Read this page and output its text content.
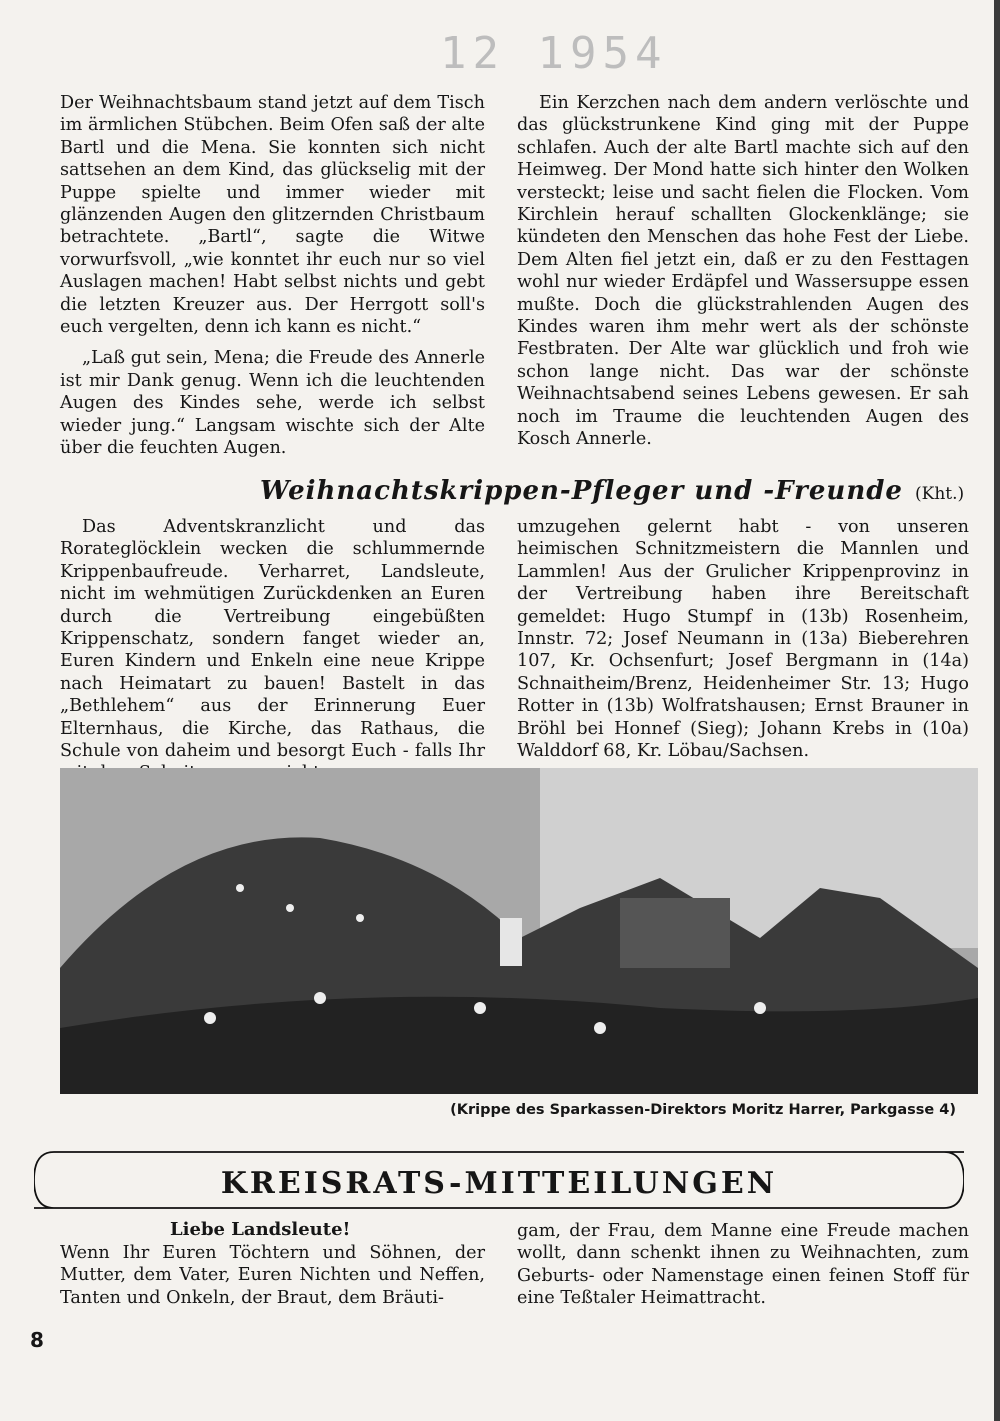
12 1954

Der Weihnachtsbaum stand jetzt auf dem Tisch im ärmlichen Stübchen. Beim Ofen saß der alte Bartl und die Mena. Sie konnten sich nicht sattsehen an dem Kind, das glückselig mit der Puppe spielte und immer wieder mit glänzenden Augen den glitzernden Christbaum betrachtete. „Bartl“, sagte die Witwe vorwurfsvoll, „wie konntet ihr euch nur so viel Auslagen machen! Habt selbst nichts und gebt die letzten Kreuzer aus. Der Herrgott soll's euch vergelten, denn ich kann es nicht.“

„Laß gut sein, Mena; die Freude des Annerle ist mir Dank genug. Wenn ich die leuchtenden Augen des Kindes sehe, werde ich selbst wieder jung.“ Langsam wischte sich der Alte über die feuchten Augen.

Ein Kerzchen nach dem andern verlöschte und das glückstrunkene Kind ging mit der Puppe schlafen. Auch der alte Bartl machte sich auf den Heimweg. Der Mond hatte sich hinter den Wolken versteckt; leise und sacht fielen die Flocken. Vom Kirchlein herauf schallten Glockenklänge; sie kündeten den Menschen das hohe Fest der Liebe. Dem Alten fiel jetzt ein, daß er zu den Festtagen wohl nur wieder Erdäpfel und Wassersuppe essen mußte. Doch die glückstrahlenden Augen des Kindes waren ihm mehr wert als der schönste Festbraten. Der Alte war glücklich und froh wie schon lange nicht. Das war der schönste Weihnachtsabend seines Lebens gewesen. Er sah noch im Traume die leuchtenden Augen des Kosch Annerle.

Weihnachtskrippen-Pfleger und -Freunde (Kht.)

Das Adventskranzlicht und das Rorateglöcklein wecken die schlummernde Krippenbaufreude. Verharret, Landsleute, nicht im wehmütigen Zurückdenken an Euren durch die Vertreibung eingebüßten Krippenschatz, sondern fanget wieder an, Euren Kindern und Enkeln eine neue Krippe nach Heimatart zu bauen! Bastelt in das „Bethlehem“ aus der Erinnerung Euer Elternhaus, die Kirche, das Rathaus, die Schule von daheim und besorgt Euch - falls Ihr

umzugehen gelernt habt - von unseren heimischen Schnitzmeistern die Mannlen und Lammlen! Aus der Grulicher Krippenprovinz in der Vertreibung haben ihre Bereitschaft gemeldet: Hugo Stumpf in (13b) Rosenheim, Innstr. 72; Josef Neumann in (13a) Bieberehren 107, Kr. Ochsenfurt; Josef Bergmann in (14a) Schnaitheim/Brenz, Heidenheimer Str. 13; Hugo Rotter in (13b) Wolfratshausen; Ernst Brauner in Bröhl bei Honnef (Sieg); Johann Krebs in (10a) Walddorf 68, Kr. Löbau/Sachsen.

(Krippe des Sparkassen-Direktors Moritz Harrer, Parkgasse 4)
KREISRATS-MITTEILUNGEN
Liebe Landsleute!

Wenn Ihr Euren Töchtern und Söhnen, der Mutter, dem Vater, Euren Nichten und Neffen, Tanten und Onkeln, der Braut, dem Bräuti-

gam, der Frau, dem Manne eine Freude machen wollt, dann schenkt ihnen zu Weihnachten, zum Geburts- oder Namenstage einen feinen Stoff für eine Teßtaler Heimattracht.

8
